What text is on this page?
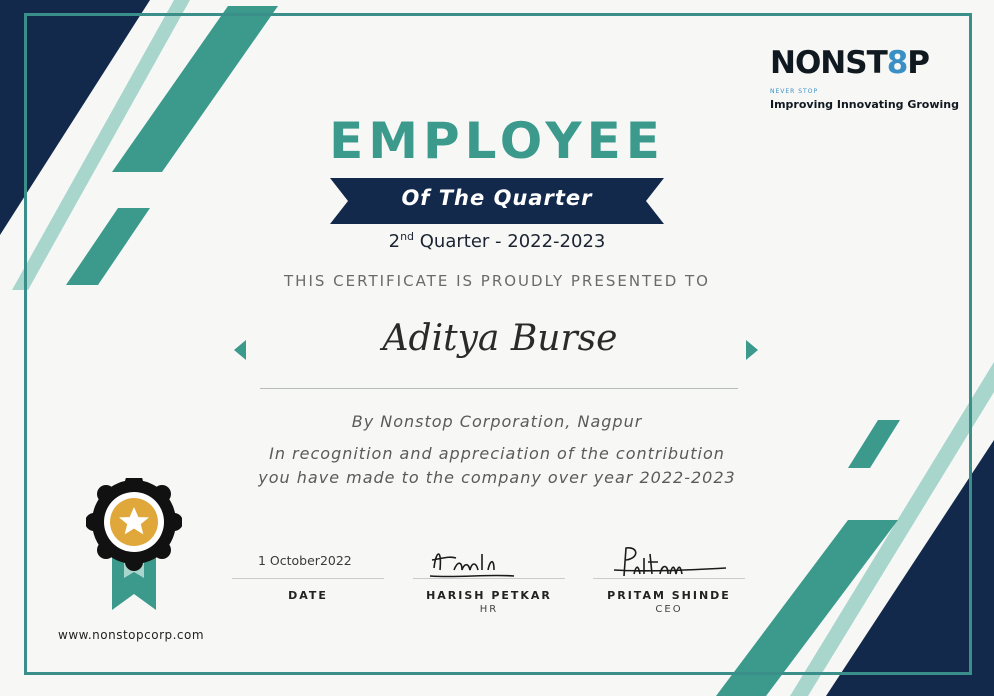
NONST8P
NEVER STOP
Improving Innovating Growing
EMPLOYEE
Of The Quarter
2nd Quarter - 2022-2023
THIS CERTIFICATE IS PROUDLY PRESENTED TO
Aditya Burse
By Nonstop Corporation, Nagpur
In recognition and appreciation of the contribution
you have made to the company over year 2022-2023
1 October2022
DATE	HARISH PETKAR
HR
PRITAM SHINDE
CEO
www.nonstopcorp.com
